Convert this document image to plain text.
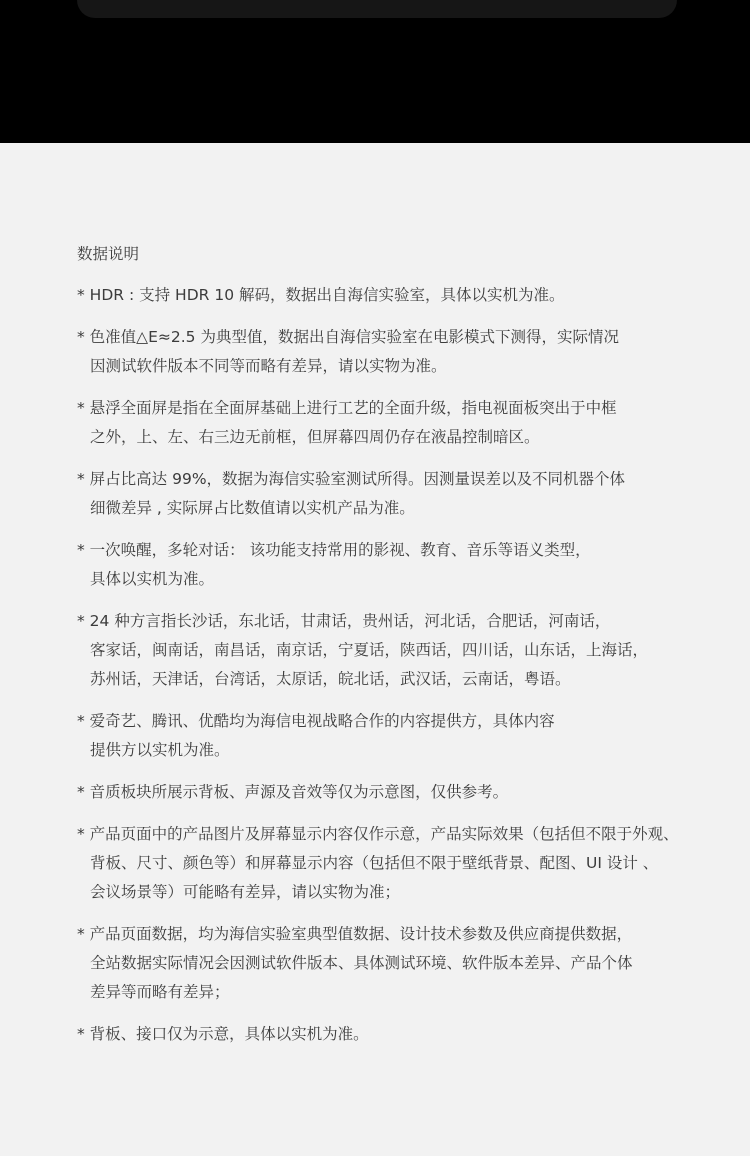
数据说明
* HDR : 支持 HDR 10 解码，数据出自海信实验室，具体以实机为准。
* 色准值△E≈2.5 为典型值，数据出自海信实验室在电影模式下测得，实际情况
因测试软件版本不同等而略有差异，请以实物为准。
* 悬浮全面屏是指在全面屏基础上进行工艺的全面升级，指电视面板突出于中框
之外，上、左、右三边无前框，但屏幕四周仍存在液晶控制暗区。
* 屏占比高达 99%，数据为海信实验室测试所得。因测量误差以及不同机器个体
细微差异 , 实际屏占比数值请以实机产品为准。
* 一次唤醒，多轮对话： 该功能支持常用的影视、教育、音乐等语义类型，
具体以实机为准。
* 24 种方言指长沙话，东北话，甘肃话，贵州话，河北话，合肥话，河南话，
客家话，闽南话，南昌话，南京话，宁夏话，陕西话，四川话，山东话，上海话，
苏州话，天津话，台湾话，太原话，皖北话，武汉话，云南话，粤语。
* 爱奇艺、腾讯、优酷均为海信电视战略合作的内容提供方，具体内容
提供方以实机为准。
* 音质板块所展示背板、声源及音效等仅为示意图，仅供参考。
* 产品页面中的产品图片及屏幕显示内容仅作示意，产品实际效果（包括但不限于外观、
背板、尺寸、颜色等）和屏幕显示内容（包括但不限于壁纸背景、配图、UI 设计 、
会议场景等）可能略有差异，请以实物为准；
* 产品页面数据，均为海信实验室典型值数据、设计技术参数及供应商提供数据，
全站数据实际情况会因测试软件版本、具体测试环境、软件版本差异、产品个体
差异等而略有差异；
* 背板、接口仅为示意，具体以实机为准。
